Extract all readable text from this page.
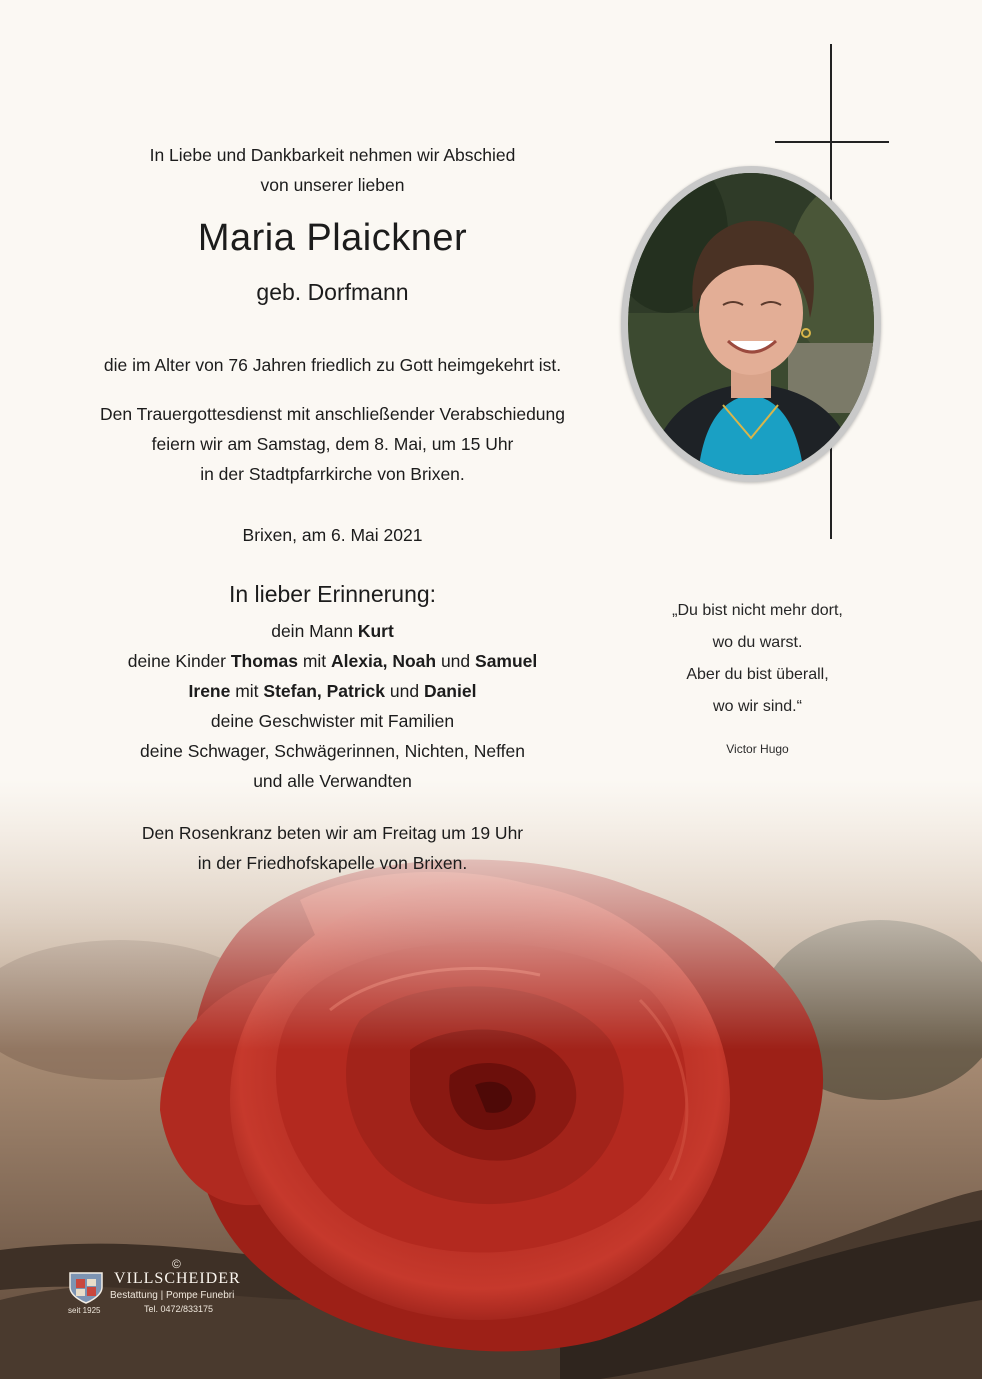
In Liebe und Dankbarkeit nehmen wir Abschied
von unserer lieben
Maria Plaickner
geb. Dorfmann
die im Alter von 76 Jahren friedlich zu Gott heimgekehrt ist.
Den Trauergottesdienst mit anschließender Verabschiedung
feiern wir am Samstag, dem 8. Mai, um 15 Uhr
in der Stadtpfarrkirche von Brixen.
Brixen, am 6. Mai 2021
In lieber Erinnerung:
dein Mann Kurt
deine Kinder Thomas mit Alexia, Noah und Samuel
Irene mit Stefan, Patrick und Daniel
deine Geschwister mit Familien
deine Schwager, Schwägerinnen, Nichten, Neffen
und alle Verwandten
Den Rosenkranz beten wir am Freitag um 19 Uhr
in der Friedhofskapelle von Brixen.
„Du bist nicht mehr dort,
wo du warst.
Aber du bist überall,
wo wir sind.“
Victor Hugo
©
VILLSCHEIDER
Bestattung | Pompe Funebri
seit 1925	Tel. 0472/833175
